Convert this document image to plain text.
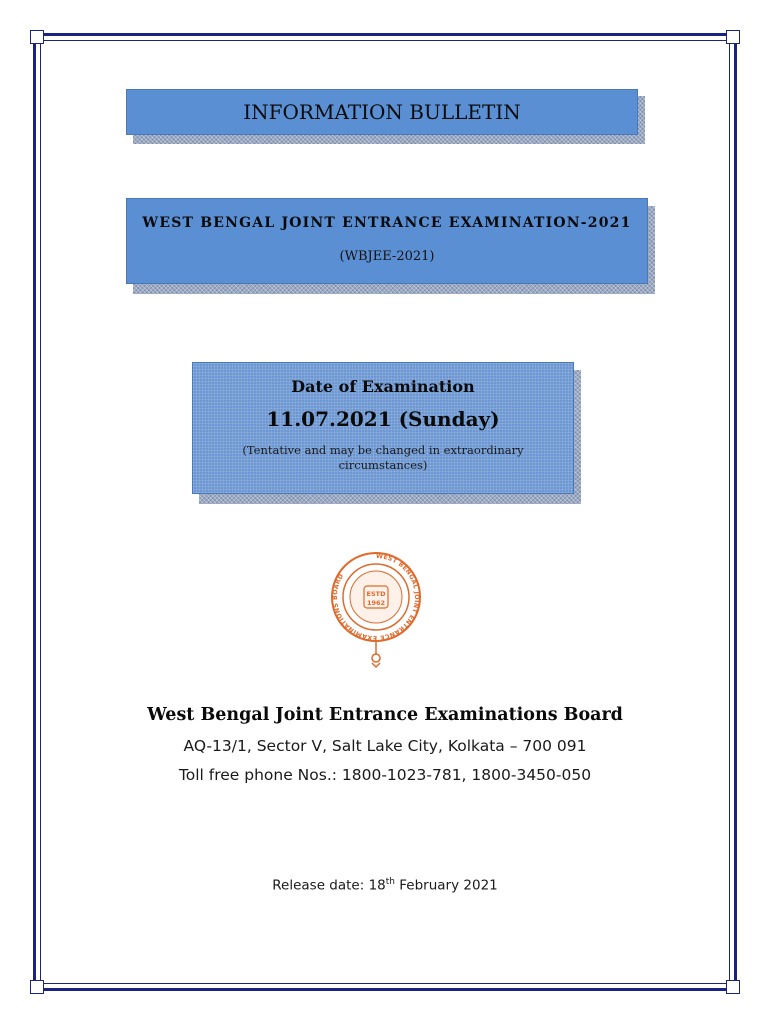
INFORMATION BULLETIN
WEST BENGAL JOINT ENTRANCE EXAMINATION-2021
(WBJEE-2021)
Date of Examination
11.07.2021 (Sunday)
(Tentative and may be changed in extraordinary circumstances)
WEST BENGAL JOINT ENTRANCE EXAMINATIONS BOARD
ESTD
1962
West Bengal Joint Entrance Examinations Board
AQ-13/1, Sector V, Salt Lake City, Kolkata – 700 091
Toll free phone Nos.: 1800-1023-781, 1800-3450-050
Release date: 18th February 2021
